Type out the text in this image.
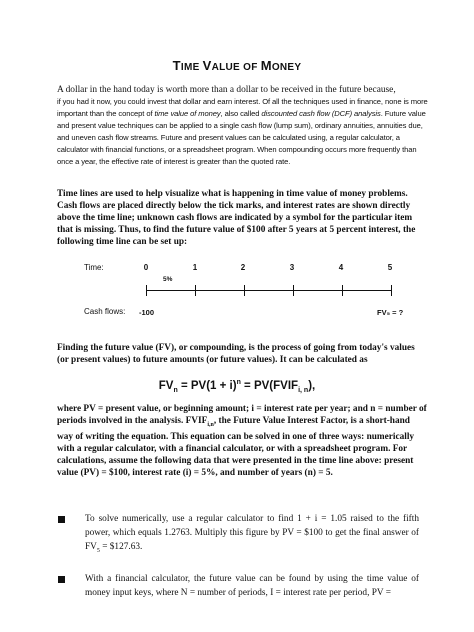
TIME VALUE OF MONEY
A dollar in the hand today is worth more than a dollar to be received in the future because,
if you had it now, you could invest that dollar and earn interest. Of all the techniques used in finance, none is more important than the concept of time value of money, also called discounted cash flow (DCF) analysis. Future value and present value techniques can be applied to a single cash flow (lump sum), ordinary annuities, annuities due, and uneven cash flow streams. Future and present values can be calculated using, a regular calculator, a calculator with financial functions, or a spreadsheet program. When compounding occurs more frequently than once a year, the effective rate of interest is greater than the quoted rate.
Time lines are used to help visualize what is happening in time value of money problems. Cash flows are placed directly below the tick marks, and interest rates are shown directly above the time line; unknown cash flows are indicated by a symbol for the particular item that is missing. Thus, to find the future value of $100 after 5 years at 5 percent interest, the following time line can be set up:
Time:	0	1	2	3	4	5
5%
Cash flows: -100	FV₅ = ?
Finding the future value (FV), or compounding, is the process of going from today's values (or present values) to future amounts (or future values). It can be calculated as
$FV_n = PV(1 + i)^n$ = $PV(FVIF_{i, n})$,
where PV = present value, or beginning amount; i = interest rate per year; and n = number of periods involved in the analysis. $FVIF_{i,n}$, the Future Value Interest Factor, is a short-hand way of writing the equation. This equation can be solved in one of three ways: numerically with a regular calculator, with a financial calculator, or with a spreadsheet program. For calculations, assume the following data that were presented in the time line above: present value (PV) = $100, interest rate (i) = 5%, and number of years (n) = 5.
To solve numerically, use a regular calculator to find 1 + i = 1.05 raised to the fifth power, which equals 1.2763. Multiply this figure by PV = $100 to get the final answer of $FV_5$ = $127.63.
With a financial calculator, the future value can be found by using the time value of money input keys, where N = number of periods, I = interest rate per period, PV =
